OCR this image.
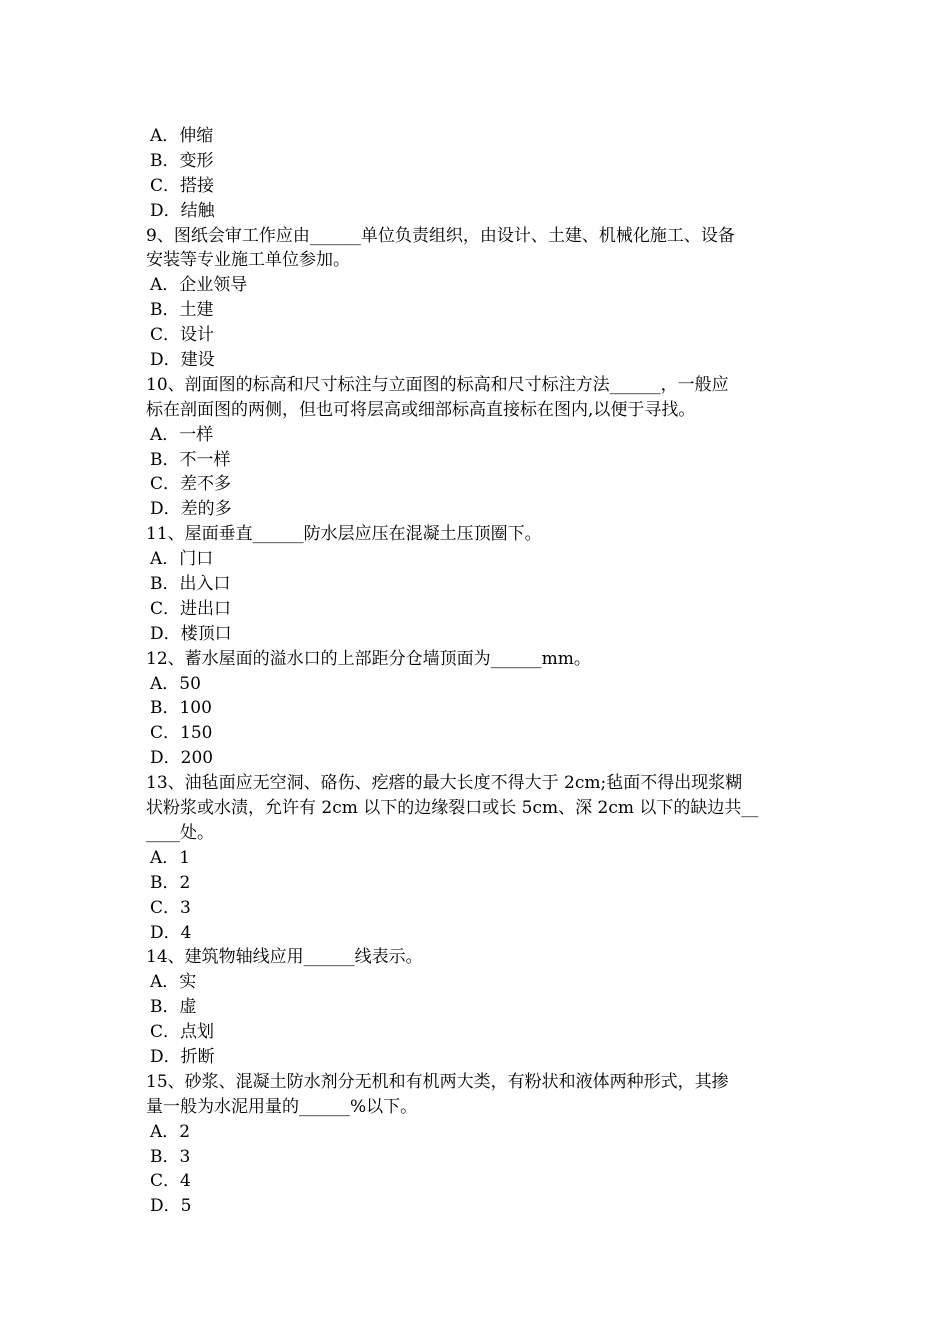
A．伸缩
B．变形
C．搭接
D．结触
9、图纸会审工作应由______单位负责组织，由设计、土建、机械化施工、设备
安装等专业施工单位参加。
A．企业领导
B．土建
C．设计
D．建设
10、剖面图的标高和尺寸标注与立面图的标高和尺寸标注方法______，一般应
标在剖面图的两侧，但也可将层高或细部标高直接标在图内,以便于寻找。
A．一样
B．不一样
C．差不多
D．差的多
11、屋面垂直______防水层应压在混凝土压顶圈下。
A．门口
B．出入口
C．进出口
D．楼顶口
12、蓄水屋面的溢水口的上部距分仓墙顶面为______mm。
A．50
B．100
C．150
D．200
13、油毡面应无空洞、硌伤、疙瘩的最大长度不得大于 2cm;毡面不得出现浆糊
状粉浆或水渍，允许有 2cm 以下的边缘裂口或长 5cm、深 2cm 以下的缺边共__
____处。
A．1
B．2
C．3
D．4
14、建筑物轴线应用______线表示。
A．实
B．虚
C．点划
D．折断
15、砂浆、混凝土防水剂分无机和有机两大类，有粉状和液体两种形式，其掺
量一般为水泥用量的______%以下。
A．2
B．3
C．4
D．5
